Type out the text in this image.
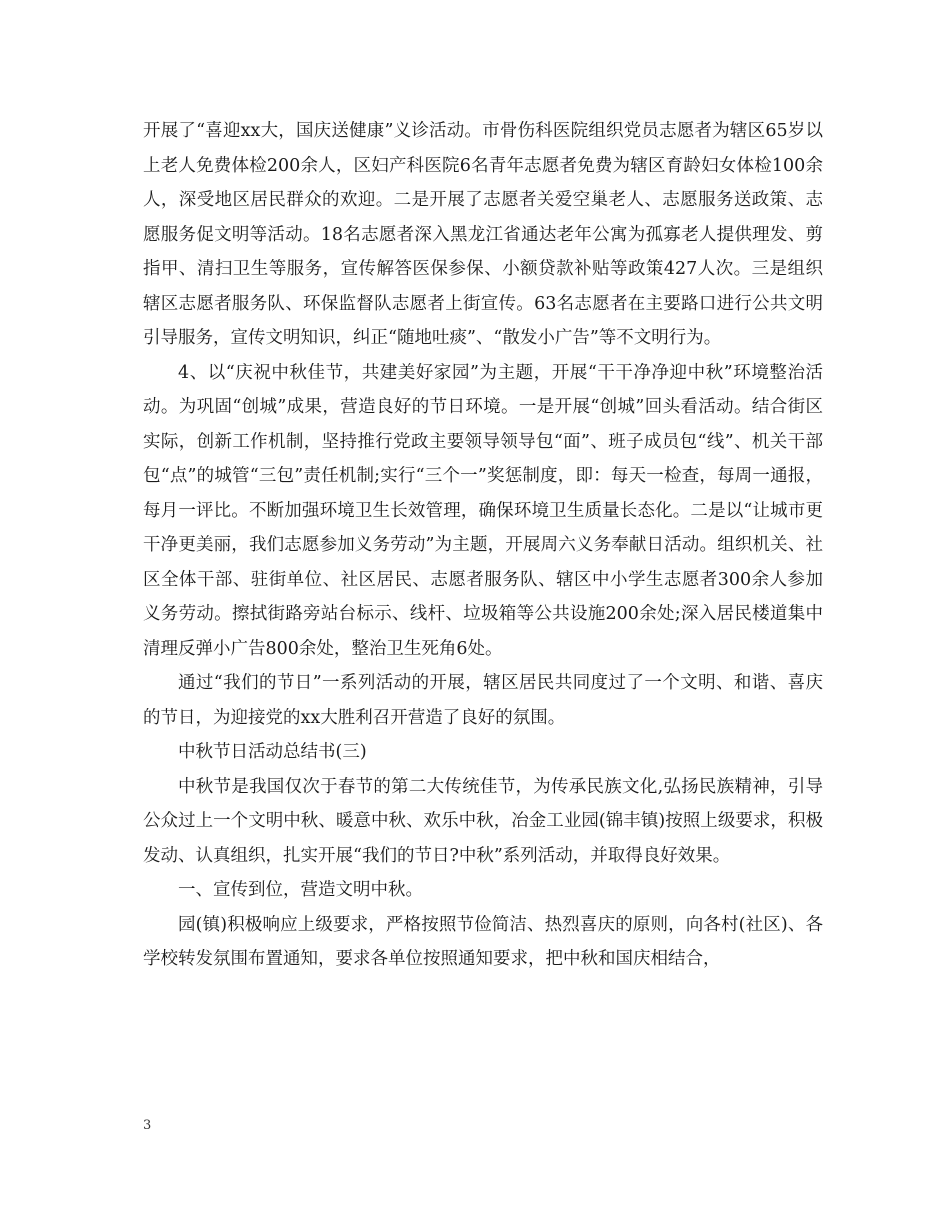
开展了“喜迎xx大，国庆送健康”义诊活动。市骨伤科医院组织党员志愿者为辖区65岁以上老人免费体检200余人，区妇产科医院6名青年志愿者免费为辖区育龄妇女体检100余人，深受地区居民群众的欢迎。二是开展了志愿者关爱空巢老人、志愿服务送政策、志愿服务促文明等活动。18名志愿者深入黑龙江省通达老年公寓为孤寡老人提供理发、剪指甲、清扫卫生等服务，宣传解答医保参保、小额贷款补贴等政策427人次。三是组织辖区志愿者服务队、环保监督队志愿者上街宣传。63名志愿者在主要路口进行公共文明引导服务，宣传文明知识，纠正“随地吐痰”、“散发小广告”等不文明行为。

4、以“庆祝中秋佳节，共建美好家园”为主题，开展“干干净净迎中秋”环境整治活动。为巩固“创城”成果，营造良好的节日环境。一是开展“创城”回头看活动。结合街区实际，创新工作机制，坚持推行党政主要领导领导包“面”、班子成员包“线”、机关干部包“点”的城管“三包”责任机制;实行“三个一”奖惩制度，即：每天一检查，每周一通报，每月一评比。不断加强环境卫生长效管理，确保环境卫生质量长态化。二是以“让城市更干净更美丽，我们志愿参加义务劳动”为主题，开展周六义务奉献日活动。组织机关、社区全体干部、驻街单位、社区居民、志愿者服务队、辖区中小学生志愿者300余人参加义务劳动。擦拭街路旁站台标示、线杆、垃圾箱等公共设施200余处;深入居民楼道集中清理反弹小广告800余处，整治卫生死角6处。

通过“我们的节日”一系列活动的开展，辖区居民共同度过了一个文明、和谐、喜庆的节日，为迎接党的xx大胜利召开营造了良好的氛围。

中秋节日活动总结书(三)

中秋节是我国仅次于春节的第二大传统佳节，为传承民族文化,弘扬民族精神，引导公众过上一个文明中秋、暖意中秋、欢乐中秋，冶金工业园(锦丰镇)按照上级要求，积极发动、认真组织，扎实开展“我们的节日?中秋”系列活动，并取得良好效果。

一、宣传到位，营造文明中秋。

园(镇)积极响应上级要求，严格按照节俭简洁、热烈喜庆的原则，向各村(社区)、各学校转发氛围布置通知，要求各单位按照通知要求，把中秋和国庆相结合，

3
